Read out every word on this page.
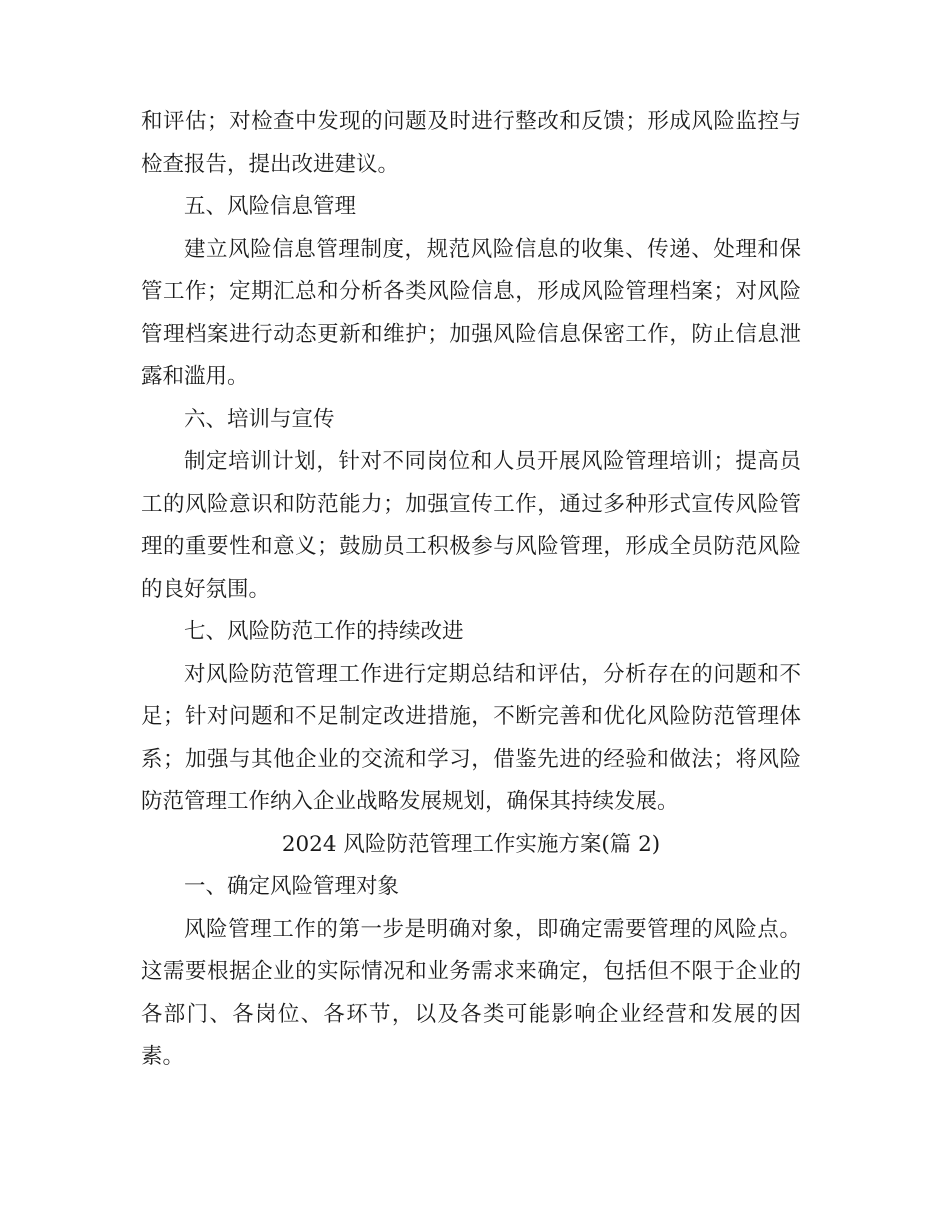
和评估；对检查中发现的问题及时进行整改和反馈；形成风险监控与
检查报告，提出改进建议。

五、风险信息管理

建立风险信息管理制度，规范风险信息的收集、传递、处理和保
管工作；定期汇总和分析各类风险信息，形成风险管理档案；对风险
管理档案进行动态更新和维护；加强风险信息保密工作，防止信息泄
露和滥用。

六、培训与宣传

制定培训计划，针对不同岗位和人员开展风险管理培训；提高员
工的风险意识和防范能力；加强宣传工作，通过多种形式宣传风险管
理的重要性和意义；鼓励员工积极参与风险管理，形成全员防范风险
的良好氛围。

七、风险防范工作的持续改进

对风险防范管理工作进行定期总结和评估，分析存在的问题和不
足；针对问题和不足制定改进措施，不断完善和优化风险防范管理体
系；加强与其他企业的交流和学习，借鉴先进的经验和做法；将风险
防范管理工作纳入企业战略发展规划，确保其持续发展。

2024 风险防范管理工作实施方案(篇 2)

一、确定风险管理对象

风险管理工作的第一步是明确对象，即确定需要管理的风险点。
这需要根据企业的实际情况和业务需求来确定，包括但不限于企业的
各部门、各岗位、各环节，以及各类可能影响企业经营和发展的因
素。
